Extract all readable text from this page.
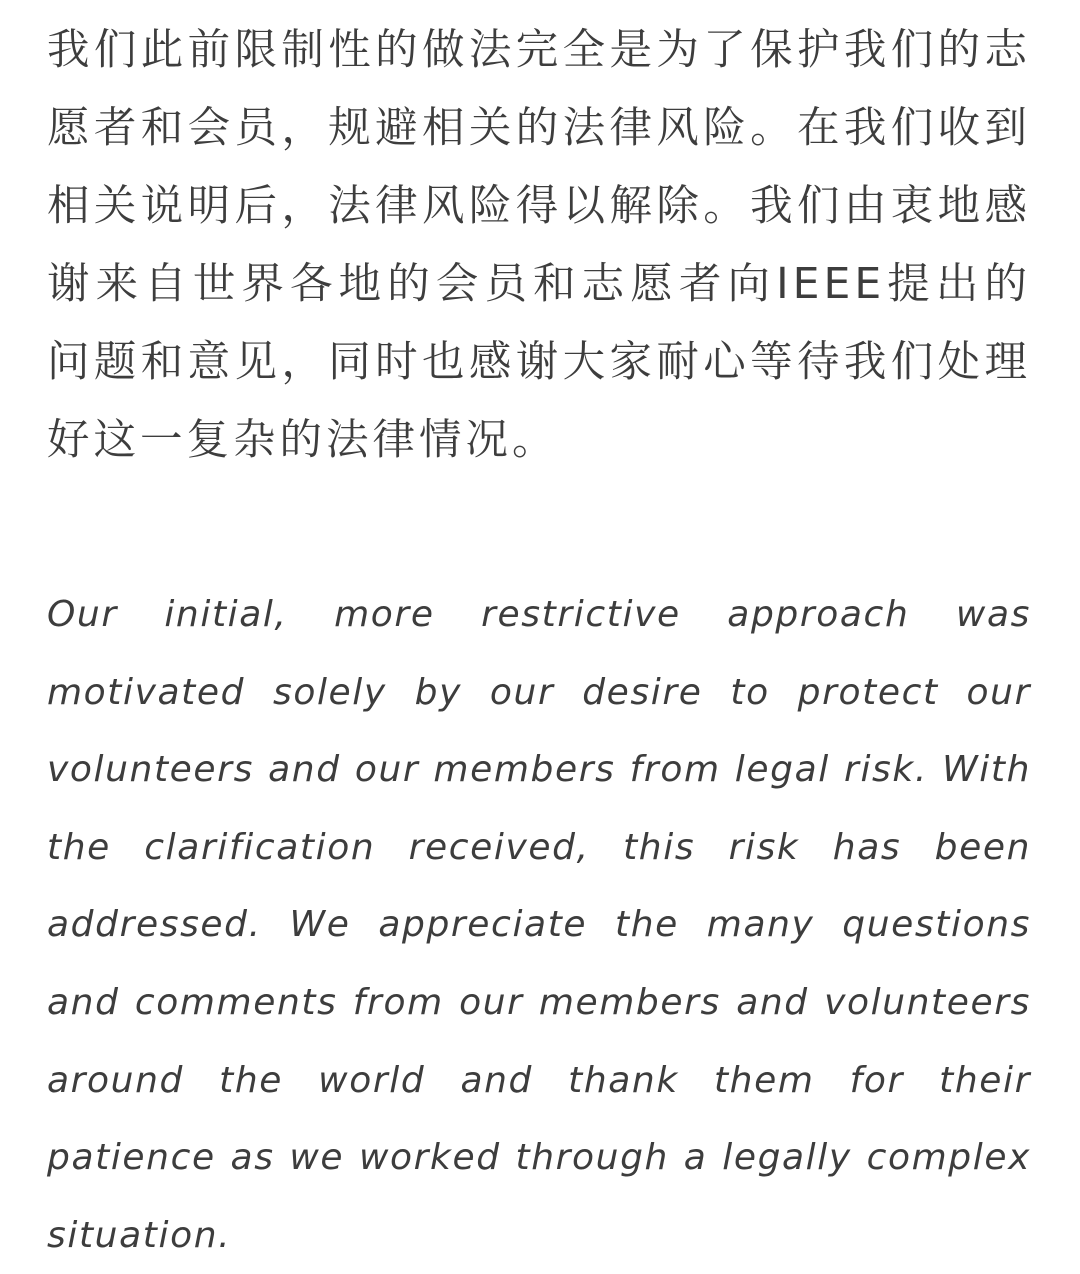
我们此前限制性的做法完全是为了保护我们的志愿者和会员，规避相关的法律风险。在我们收到相关说明后，法律风险得以解除。我们由衷地感谢来自世界各地的会员和志愿者向IEEE提出的问题和意见，同时也感谢大家耐心等待我们处理好这一复杂的法律情况。

Our initial, more restrictive approach was motivated solely by our desire to protect our volunteers and our members from legal risk. With the clarification received, this risk has been addressed. We appreciate the many questions and comments from our members and volunteers around the world and thank them for their patience as we worked through a legally complex situation.
